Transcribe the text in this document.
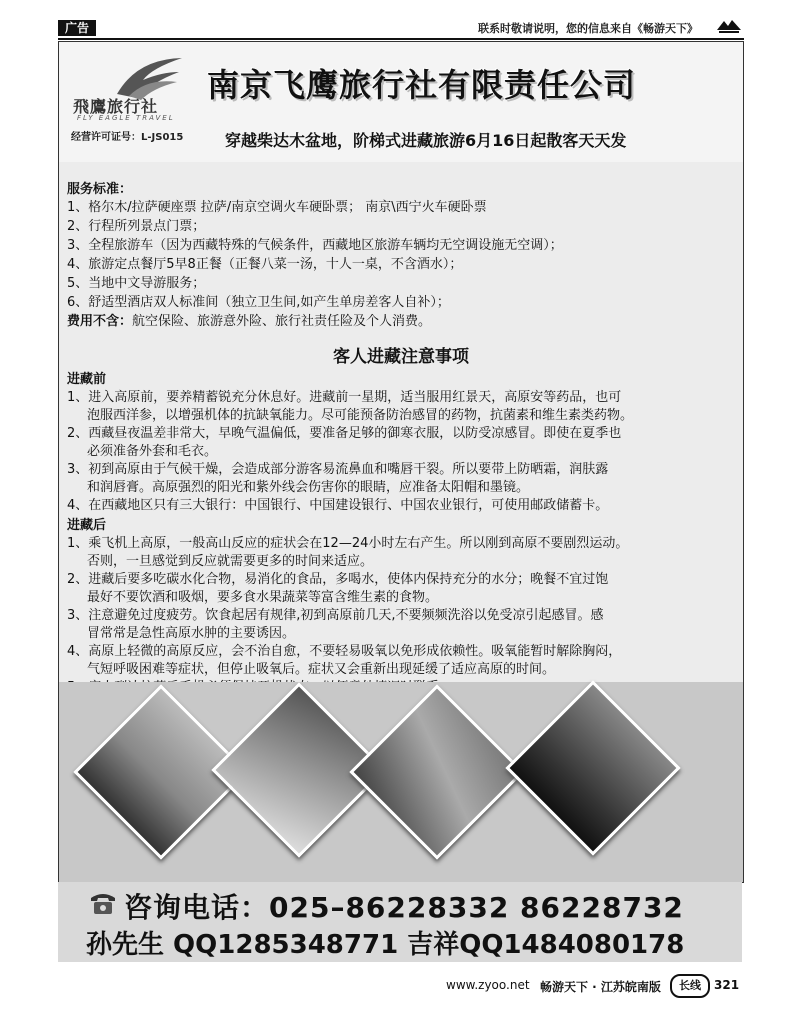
广告	联系时敬请说明，您的信息来自《畅游天下》
飛鷹旅行社
FLY EAGLE TRAVEL
经营许可证号：L-JS015
南京飞鹰旅行社有限责任公司
穿越柴达木盆地，阶梯式进藏旅游6月16日起散客天天发
服务标准：
1、格尔木/拉萨硬座票 拉萨/南京空调火车硬卧票； 南京\西宁火车硬卧票
2、行程所列景点门票；
3、全程旅游车（因为西藏特殊的气候条件，西藏地区旅游车辆均无空调设施无空调）；
4、旅游定点餐厅5早8正餐（正餐八菜一汤，十人一桌，不含酒水）；
5、当地中文导游服务；
6、舒适型酒店双人标准间（独立卫生间,如产生单房差客人自补）；
费用不含：航空保险、旅游意外险、旅行社责任险及个人消费。
客人进藏注意事项
进藏前
1、进入高原前，要养精蓄锐充分休息好。进藏前一星期，适当服用红景天，高原安等药品，也可
泡服西洋参，以增强机体的抗缺氧能力。尽可能预备防治感冒的药物，抗菌素和维生素类药物。
2、西藏昼夜温差非常大，早晚气温偏低，要准备足够的御寒衣服，以防受凉感冒。即使在夏季也
必须准备外套和毛衣。
3、初到高原由于气候干燥，会造成部分游客易流鼻血和嘴唇干裂。所以要带上防晒霜，润肤露
和润唇膏。高原强烈的阳光和紫外线会伤害你的眼睛，应准备太阳帽和墨镜。
4、在西藏地区只有三大银行：中国银行、中国建设银行、中国农业银行，可使用邮政储蓄卡。
进藏后
1、乘飞机上高原，一般高山反应的症状会在12—24小时左右产生。所以刚到高原不要剧烈运动。
否则，一旦感觉到反应就需要更多的时间来适应。
2、进藏后要多吃碳水化合物，易消化的食品，多喝水，使体内保持充分的水分；晚餐不宜过饱
最好不要饮酒和吸烟，要多食水果蔬菜等富含维生素的食物。
3、注意避免过度疲劳。饮食起居有规律,初到高原前几天,不要频频洗浴以免受凉引起感冒。感
冒常常是急性高原水肿的主要诱因。
4、高原上轻微的高原反应，会不治自愈，不要轻易吸氧以免形成依赖性。吸氧能暂时解除胸闷，
气短呼吸困难等症状，但停止吸氧后。症状又会重新出现延缓了适应高原的时间。
咨询电话：025–86228332 86228732
孙先生 QQ1285348771 吉祥QQ1484080178
www.zyoo.net 畅游天下 · 江苏皖南版	长线	321
